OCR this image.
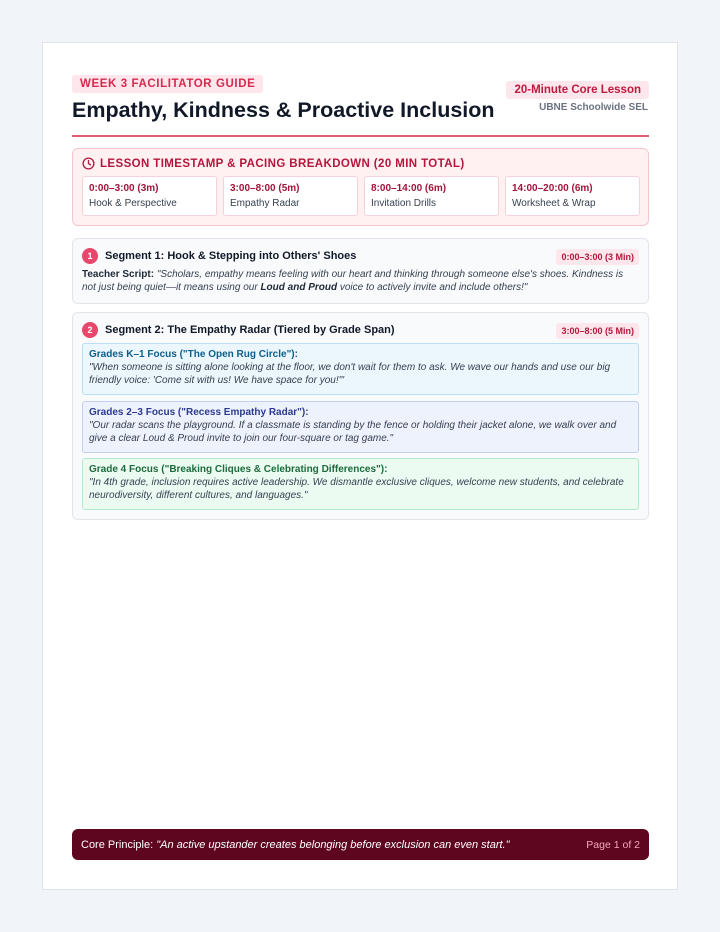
WEEK 3 FACILITATOR GUIDE
Empathy, Kindness & Proactive Inclusion
20-Minute Core Lesson
UBNE Schoolwide SEL
LESSON TIMESTAMP & PACING BREAKDOWN (20 MIN TOTAL)
0:00–3:00 (3m)
Hook & Perspective
3:00–8:00 (5m)
Empathy Radar
8:00–14:00 (6m)
Invitation Drills
14:00–20:00 (6m)
Worksheet & Wrap
1	Segment 1: Hook & Stepping into Others' Shoes	0:00–3:00 (3 Min)

Teacher Script: "Scholars, empathy means feeling with our heart and thinking through someone else's shoes. Kindness is not just being quiet—it means using our Loud and Proud voice to actively invite and include others!"

2	Segment 2: The Empathy Radar (Tiered by Grade Span)	3:00–8:00 (5 Min)
Grades K–1 Focus ("The Open Rug Circle"):
"When someone is sitting alone looking at the floor, we don't wait for them to ask. We wave our hands and use our big friendly voice: 'Come sit with us! We have space for you!'"
Grades 2–3 Focus ("Recess Empathy Radar"):
"Our radar scans the playground. If a classmate is standing by the fence or holding their jacket alone, we walk over and give a clear Loud & Proud invite to join our four-square or tag game."
Grade 4 Focus ("Breaking Cliques & Celebrating Differences"):
"In 4th grade, inclusion requires active leadership. We dismantle exclusive cliques, welcome new students, and celebrate neurodiversity, different cultures, and languages."
Core Principle: "An active upstander creates belonging before exclusion can even start."	Page 1 of 2
